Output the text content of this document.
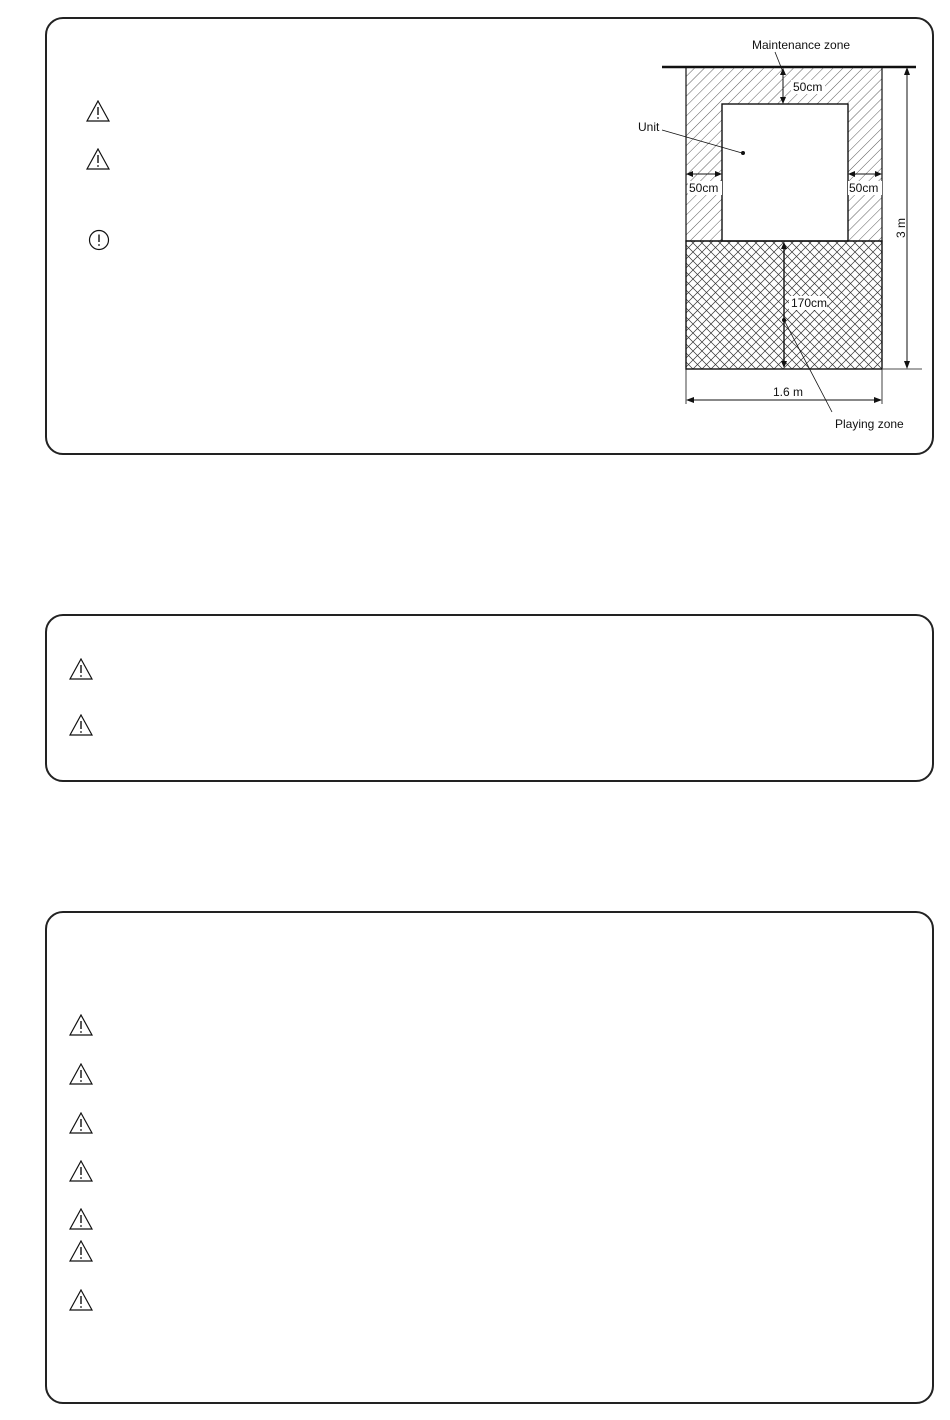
Maintenance zone
Unit
50cm
50cm	50cm
170cm
1.6 m
Playing zone
3 m
